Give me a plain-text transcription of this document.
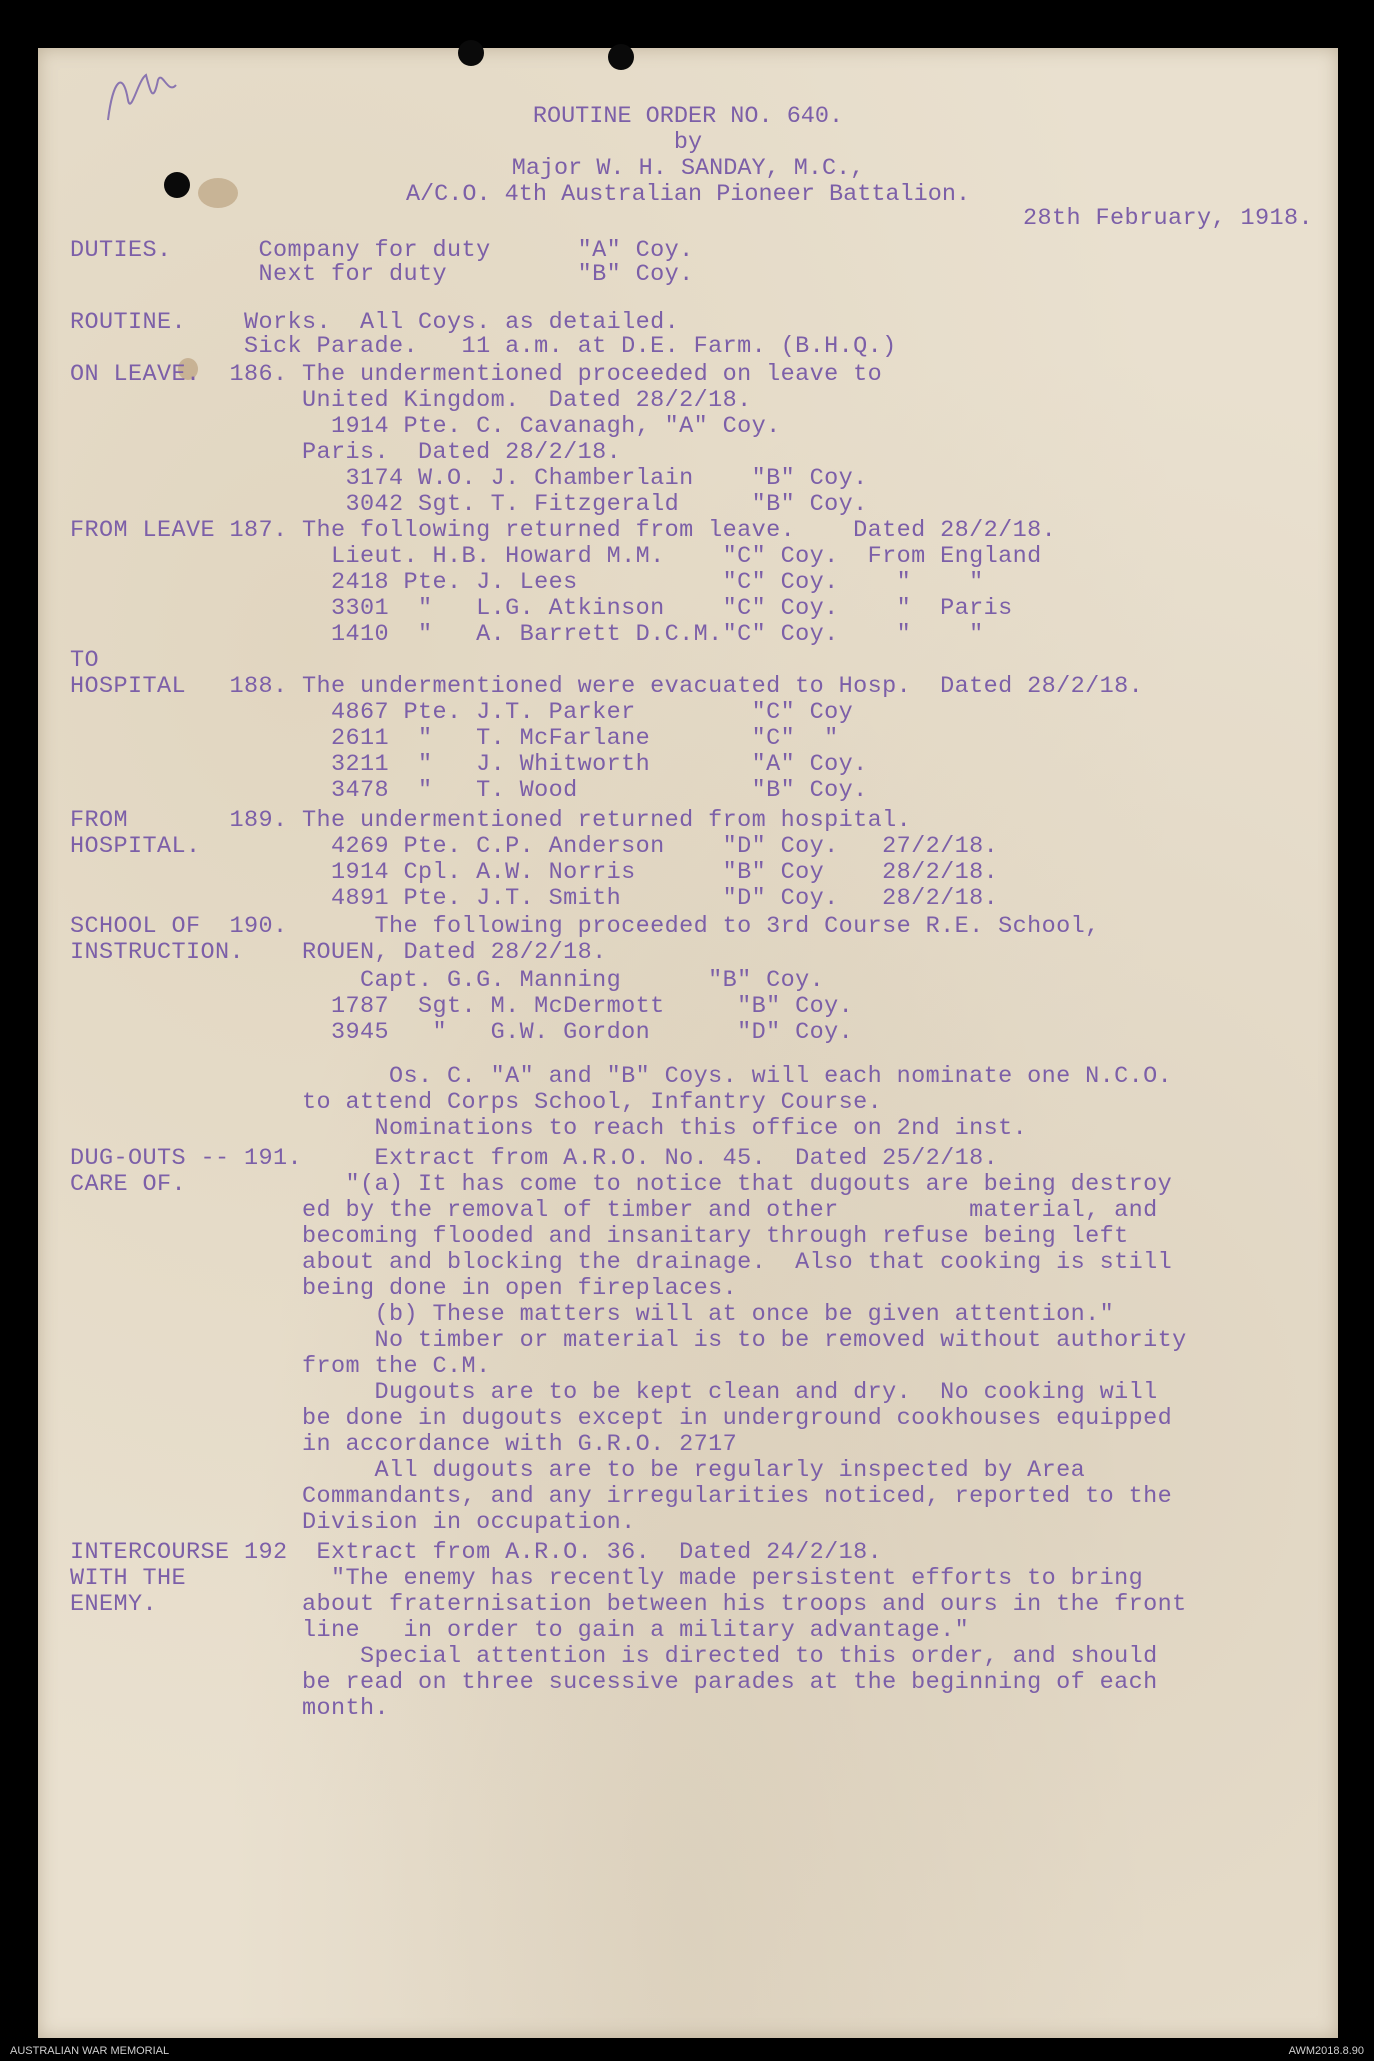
ROUTINE ORDER NO. 640.
by
Major W. H. SANDAY, M.C.,
A/C.O. 4th Australian Pioneer Battalion.
28th February, 1918.
DUTIES.      Company for duty      "A" Coy.
Next for duty         "B" Coy.
ROUTINE.    Works.  All Coys. as detailed.
Sick Parade.   11 a.m. at D.E. Farm. (B.H.Q.)
ON LEAVE.  186. The undermentioned proceeded on leave to
United Kingdom.  Dated 28/2/18.
1914 Pte. C. Cavanagh, "A" Coy.
Paris.  Dated 28/2/18.
3174 W.O. J. Chamberlain    "B" Coy.
3042 Sgt. T. Fitzgerald     "B" Coy.
FROM LEAVE 187. The following returned from leave.    Dated 28/2/18.
Lieut. H.B. Howard M.M.    "C" Coy.  From England
2418 Pte. J. Lees          "C" Coy.    "    "
3301  "   L.G. Atkinson    "C" Coy.    "  Paris
1410  "   A. Barrett D.C.M."C" Coy.    "    "
TO
HOSPITAL   188. The undermentioned were evacuated to Hosp.  Dated 28/2/18.
4867 Pte. J.T. Parker        "C" Coy
2611  "   T. McFarlane       "C"  "
3211  "   J. Whitworth       "A" Coy.
3478  "   T. Wood            "B" Coy.
FROM       189. The undermentioned returned from hospital.
HOSPITAL.         4269 Pte. C.P. Anderson    "D" Coy.   27/2/18.
1914 Cpl. A.W. Norris      "B" Coy    28/2/18.
4891 Pte. J.T. Smith       "D" Coy.   28/2/18.
SCHOOL OF  190.      The following proceeded to 3rd Course R.E. School,
INSTRUCTION.    ROUEN, Dated 28/2/18.
Capt. G.G. Manning      "B" Coy.
1787  Sgt. M. McDermott     "B" Coy.
3945   "   G.W. Gordon      "D" Coy.
Os. C. "A" and "B" Coys. will each nominate one N.C.O.
to attend Corps School, Infantry Course.
Nominations to reach this office on 2nd inst.
DUG-OUTS -- 191.     Extract from A.R.O. No. 45.  Dated 25/2/18.
CARE OF.           "(a) It has come to notice that dugouts are being destroy
ed by the removal of timber and other         material, and
becoming flooded and insanitary through refuse being left
about and blocking the drainage.  Also that cooking is still
being done in open fireplaces.
(b) These matters will at once be given attention."
No timber or material is to be removed without authority
from the C.M.
Dugouts are to be kept clean and dry.  No cooking will
be done in dugouts except in underground cookhouses equipped
in accordance with G.R.O. 2717
All dugouts are to be regularly inspected by Area
Commandants, and any irregularities noticed, reported to the
Division in occupation.
INTERCOURSE 192  Extract from A.R.O. 36.  Dated 24/2/18.
WITH THE          "The enemy has recently made persistent efforts to bring
ENEMY.          about fraternisation between his troops and ours in the front
line   in order to gain a military advantage."
Special attention is directed to this order, and should
be read on three sucessive parades at the beginning of each
month.
AUSTRALIAN WAR MEMORIAL	AWM2018.8.90
